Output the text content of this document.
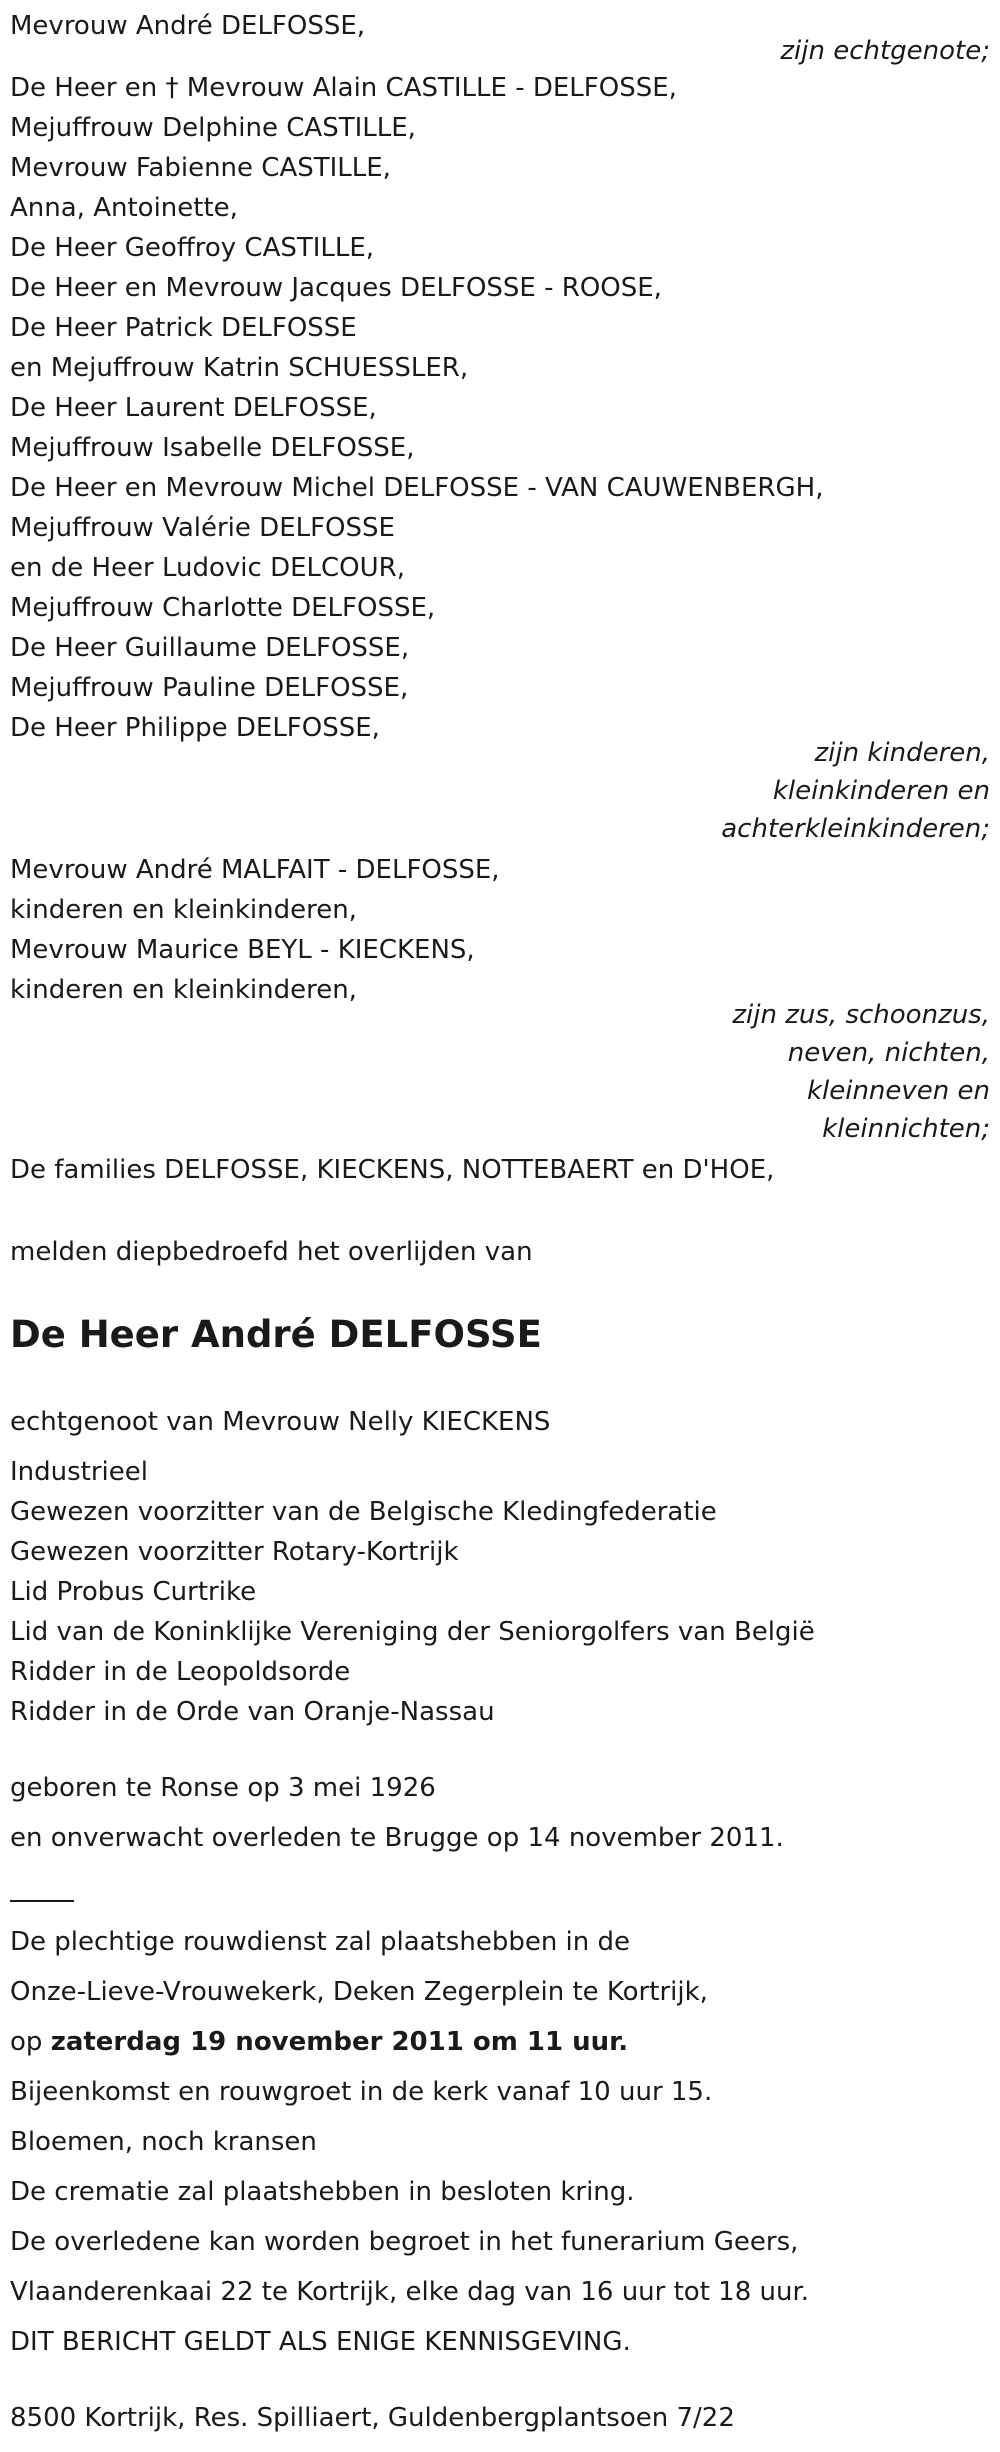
Mevrouw André DELFOSSE,
zijn echtgenote;
De Heer en † Mevrouw Alain CASTILLE - DELFOSSE,
Mejuffrouw Delphine CASTILLE,
Mevrouw Fabienne CASTILLE,
Anna, Antoinette,
De Heer Geoffroy CASTILLE,
De Heer en Mevrouw Jacques DELFOSSE - ROOSE,
De Heer Patrick DELFOSSE
en Mejuffrouw Katrin SCHUESSLER,
De Heer Laurent DELFOSSE,
Mejuffrouw Isabelle DELFOSSE,
De Heer en Mevrouw Michel DELFOSSE - VAN CAUWENBERGH,
Mejuffrouw Valérie DELFOSSE
en de Heer Ludovic DELCOUR,
Mejuffrouw Charlotte DELFOSSE,
De Heer Guillaume DELFOSSE,
Mejuffrouw Pauline DELFOSSE,
De Heer Philippe DELFOSSE,
zijn kinderen,
kleinkinderen en
achterkleinkinderen;
Mevrouw André MALFAIT - DELFOSSE,
kinderen en kleinkinderen,
Mevrouw Maurice BEYL - KIECKENS,
kinderen en kleinkinderen,
zijn zus, schoonzus,
neven, nichten,
kleinneven en
kleinnichten;
De families DELFOSSE, KIECKENS, NOTTEBAERT en D'HOE,
melden diepbedroefd het overlijden van
De Heer André DELFOSSE
echtgenoot van Mevrouw Nelly KIECKENS
Industrieel
Gewezen voorzitter van de Belgische Kledingfederatie
Gewezen voorzitter Rotary-Kortrijk
Lid Probus Curtrike
Lid van de Koninklijke Vereniging der Seniorgolfers van België
Ridder in de Leopoldsorde
Ridder in de Orde van Oranje-Nassau
geboren te Ronse op 3 mei 1926
en onverwacht overleden te Brugge op 14 november 2011.
De plechtige rouwdienst zal plaatshebben in de
Onze-Lieve-Vrouwekerk, Deken Zegerplein te Kortrijk,
op zaterdag 19 november 2011 om 11 uur.
Bijeenkomst en rouwgroet in de kerk vanaf 10 uur 15.
Bloemen, noch kransen
De crematie zal plaatshebben in besloten kring.
De overledene kan worden begroet in het funerarium Geers,
Vlaanderenkaai 22 te Kortrijk, elke dag van 16 uur tot 18 uur.
DIT BERICHT GELDT ALS ENIGE KENNISGEVING.
8500 Kortrijk, Res. Spilliaert, Guldenbergplantsoen 7/22
